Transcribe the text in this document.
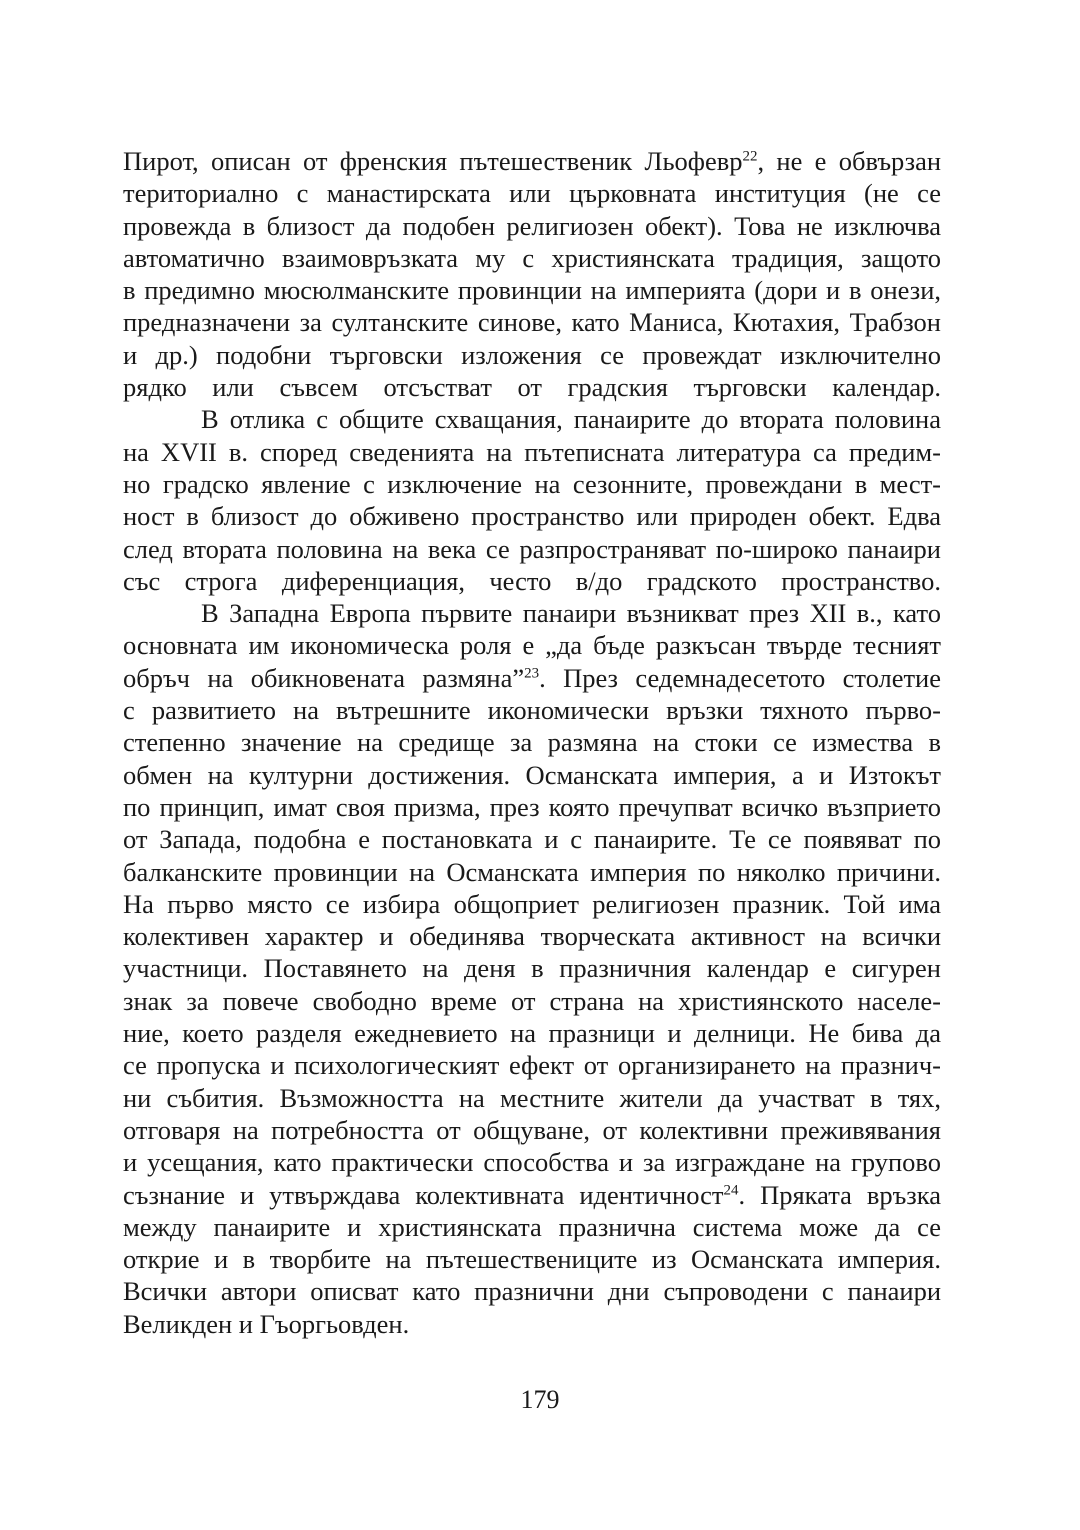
Пирот, описан от френския пътешественик Льофевр$^{22}$, не е обвързан
териториално с манастирската или църковната институция (не се
провежда в близост да подобен религиозен обект). Това не изключва
автоматично взаимовръзката му с християнската традиция, защото
в предимно мюсюлманските провинции на империята (дори и в онези,
предназначени за султанските синове, като Маниса, Кютахия, Трабзон
и др.) подобни търговски изложения се провеждат изключително
рядко или съвсем отсъстват от градския търговски календар.
В отлика с общите схващания, панаирите до втората половина
на XVII в. според сведенията на пътеписната литература са предим-
но градско явление с изключение на сезонните, провеждани в мест-
ност в близост до обживено пространство или природен обект. Едва
след втората половина на века се разпространяват по-широко панаири
със строга диференциация, често в/до градското пространство.
В Западна Европа първите панаири възникват през XII в., като
основната им икономическа роля е „да бъде разкъсан твърде тесният
обръч на обикновената размяна”$^{23}$. През седемнадесетото столетие
с развитието на вътрешните икономически връзки тяхното първо-
степенно значение на средище за размяна на стоки се измества в
обмен на културни достижения. Османската империя, а и Изтокът
по принцип, имат своя призма, през която пречупват всичко възприето
от Запада, подобна е постановката и с панаирите. Те се появяват по
балканските провинции на Османската империя по няколко причини.
На първо място се избира общоприет религиозен празник. Той има
колективен характер и обединява творческата активност на всички
участници. Поставянето на деня в празничния календар е сигурен
знак за повече свободно време от страна на християнското населе-
ние, което разделя ежедневието на празници и делници. Не бива да
се пропуска и психологическият ефект от организирането на празнич-
ни събития. Възможността на местните жители да участват в тях,
отговаря на потребността от общуване, от колективни преживявания
и усещания, като практически способства и за изграждане на групово
съзнание и утвърждава колективната идентичност$^{24}$. Пряката връзка
между панаирите и християнската празнична система може да се
открие и в творбите на пътешествениците из Османската империя.
Всички автори описват като празнични дни съпроводени с панаири
Великден и Гъоргьовден.
179
